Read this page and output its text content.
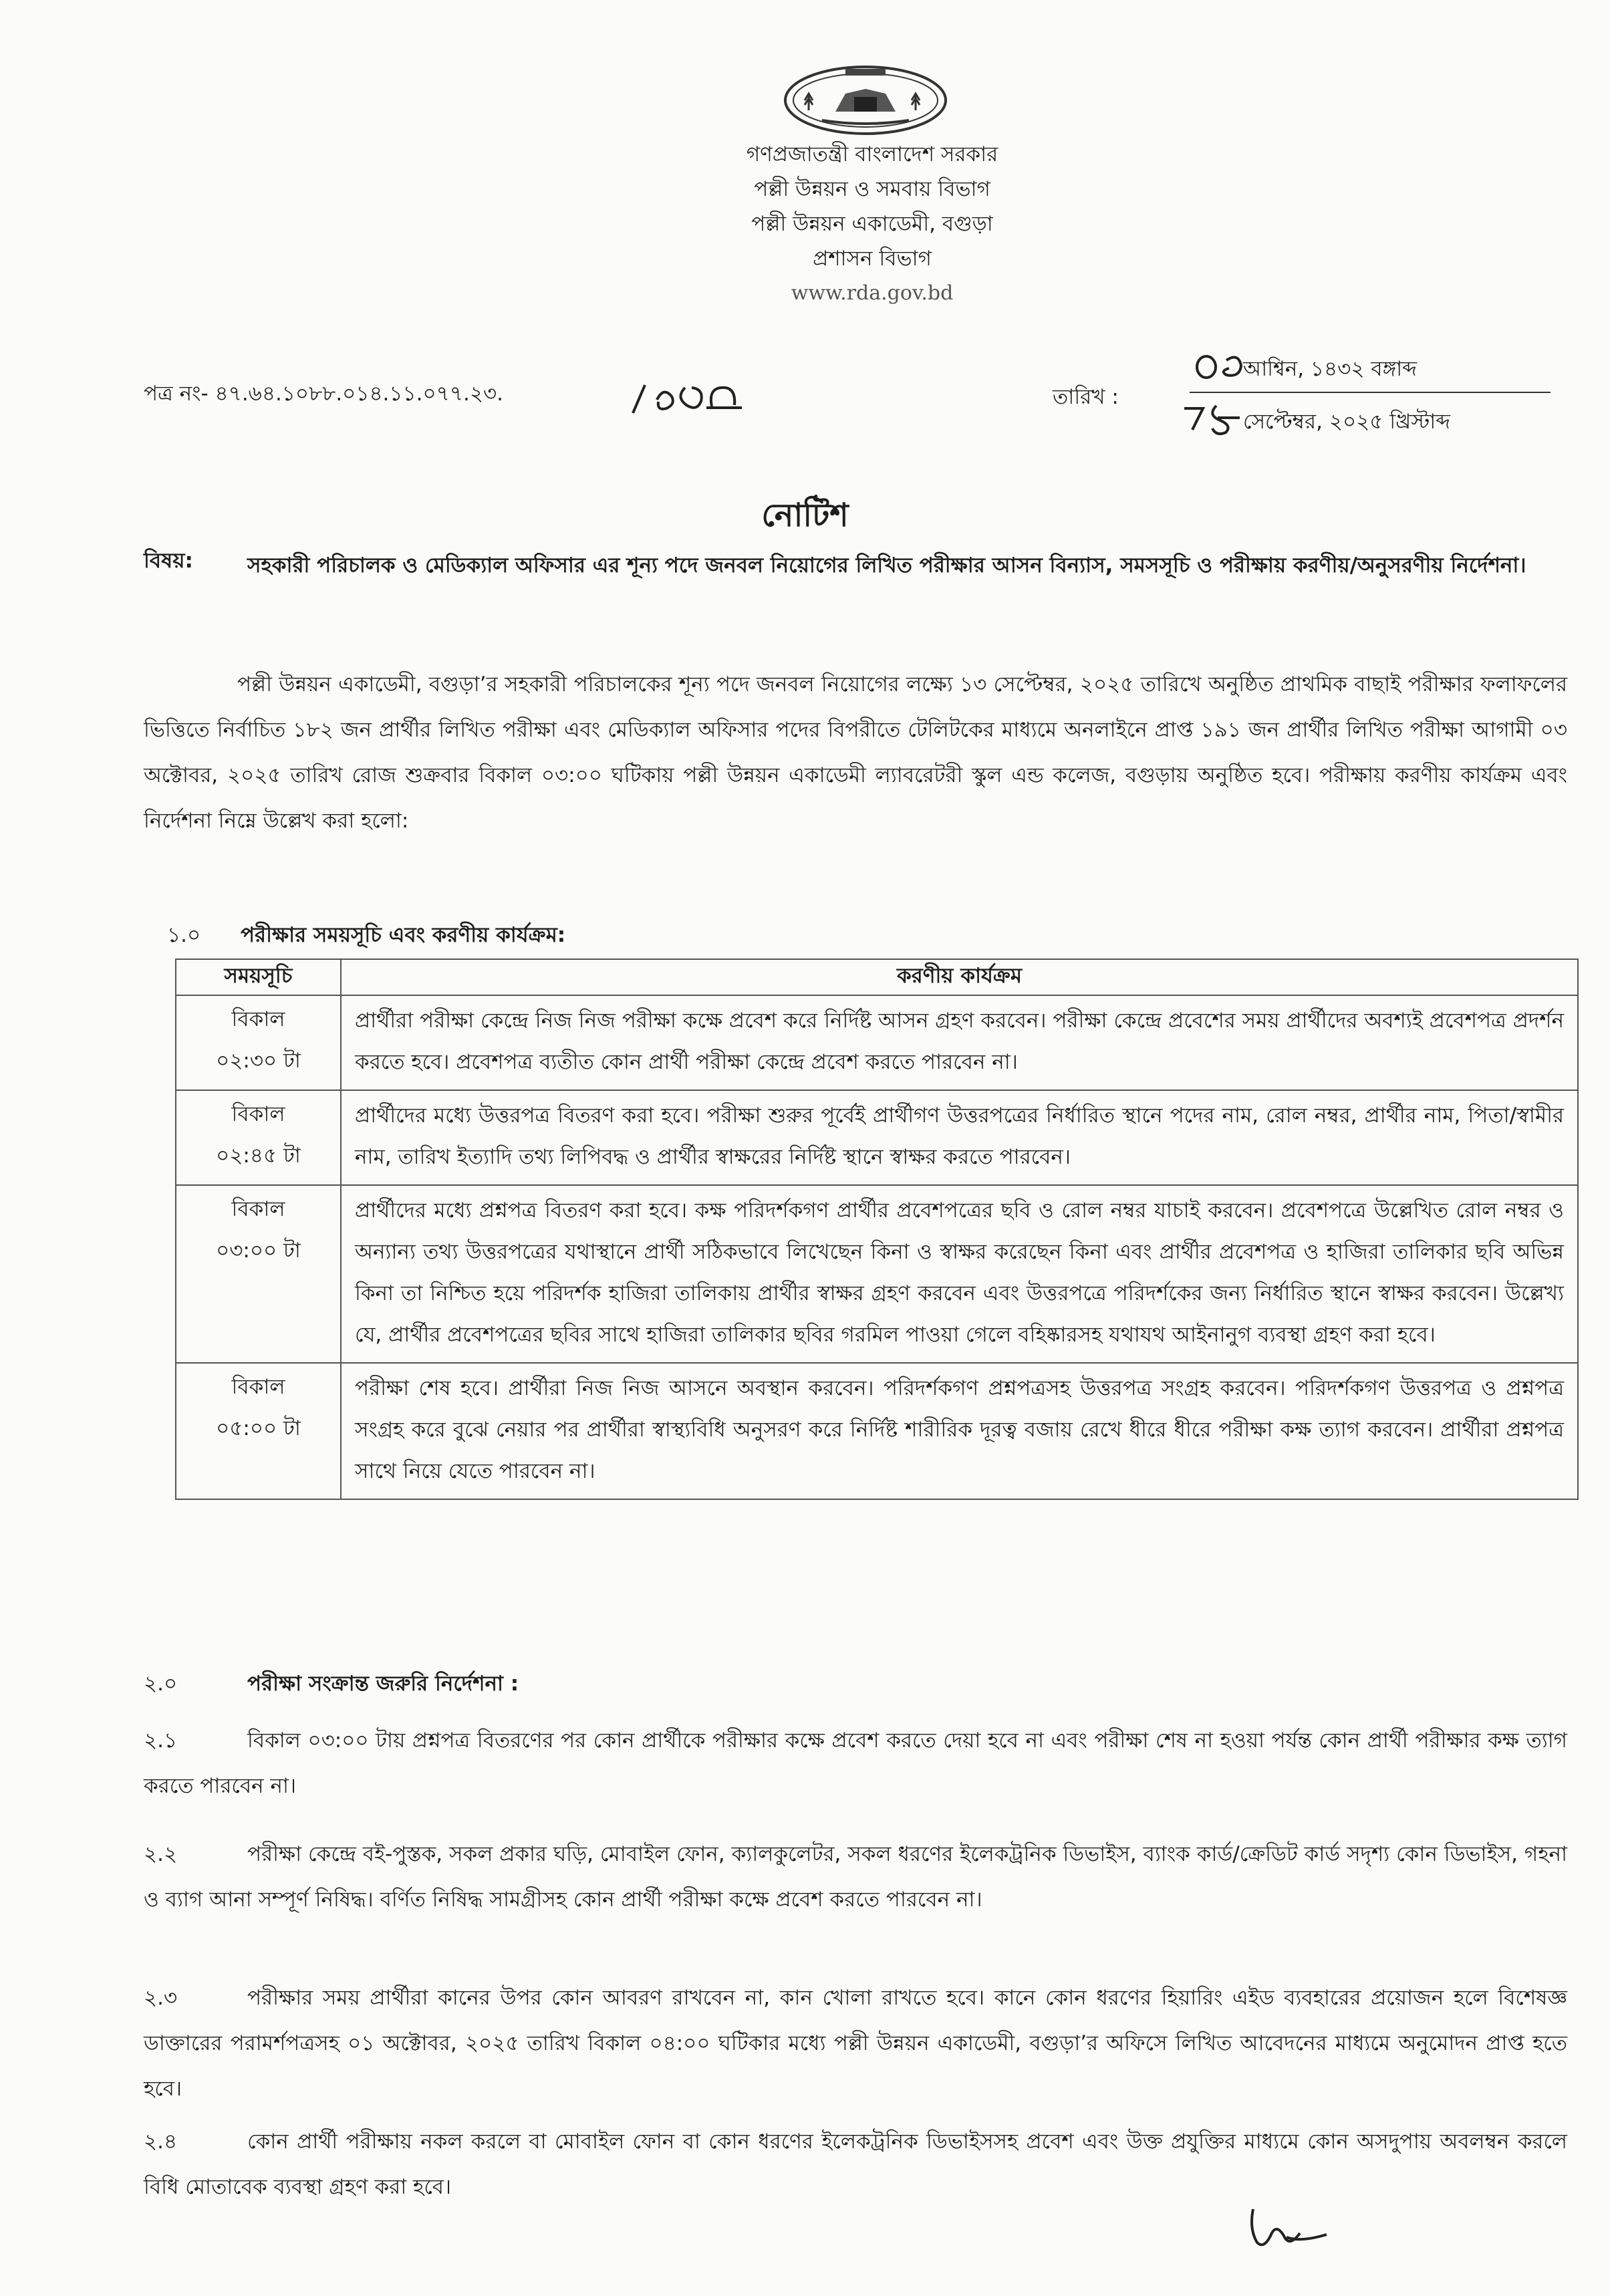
গণপ্রজাতন্ত্রী বাংলাদেশ সরকার
পল্লী উন্নয়ন ও সমবায় বিভাগ
পল্লী উন্নয়ন একাডেমী, বগুড়া
প্রশাসন বিভাগ
www.rda.gov.bd
পত্র নং- ৪৭.৬৪.১০৮৮.০১৪.১১.০৭৭.২৩.	তারিখ :
আশ্বিন, ১৪৩২ বঙ্গাব্দ
সেপ্টেম্বর, ২০২৫ খ্রিস্টাব্দ
নোটিশ
বিষয়:	সহকারী পরিচালক ও মেডিক্যাল অফিসার এর শূন্য পদে জনবল নিয়োগের লিখিত পরীক্ষার আসন বিন্যাস, সমসসূচি ও পরীক্ষায় করণীয়/অনুসরণীয় নির্দেশনা।
পল্লী উন্নয়ন একাডেমী, বগুড়া’র সহকারী পরিচালকের শূন্য পদে জনবল নিয়োগের লক্ষ্যে ১৩ সেপ্টেম্বর, ২০২৫ তারিখে অনুষ্ঠিত প্রাথমিক বাছাই পরীক্ষার ফলাফলের ভিত্তিতে নির্বাচিত ১৮২ জন প্রার্থীর লিখিত পরীক্ষা এবং মেডিক্যাল অফিসার পদের বিপরীতে টেলিটকের মাধ্যমে অনলাইনে প্রাপ্ত ১৯১ জন প্রার্থীর লিখিত পরীক্ষা আগামী ০৩ অক্টোবর, ২০২৫ তারিখ রোজ শুক্রবার বিকাল ০৩:০০ ঘটিকায় পল্লী উন্নয়ন একাডেমী ল্যাবরেটরী স্কুল এন্ড কলেজ, বগুড়ায় অনুষ্ঠিত হবে। পরীক্ষায় করণীয় কার্যক্রম এবং নির্দেশনা নিম্নে উল্লেখ করা হলো:
১.০ পরীক্ষার সময়সূচি এবং করণীয় কার্যক্রম:
সময়সূচি	করণীয় কার্যক্রম

বিকাল
০২:৩০ টা	প্রার্থীরা পরীক্ষা কেন্দ্রে নিজ নিজ পরীক্ষা কক্ষে প্রবেশ করে নির্দিষ্ট আসন গ্রহণ করবেন। পরীক্ষা কেন্দ্রে প্রবেশের সময় প্রার্থীদের অবশ্যই প্রবেশপত্র প্রদর্শন করতে হবে। প্রবেশপত্র ব্যতীত কোন প্রার্থী পরীক্ষা কেন্দ্রে প্রবেশ করতে পারবেন না।

বিকাল
০২:৪৫ টা	প্রার্থীদের মধ্যে উত্তরপত্র বিতরণ করা হবে। পরীক্ষা শুরুর পূর্বেই প্রার্থীগণ উত্তরপত্রের নির্ধারিত স্থানে পদের নাম, রোল নম্বর, প্রার্থীর নাম, পিতা/স্বামীর নাম, তারিখ ইত্যাদি তথ্য লিপিবদ্ধ ও প্রার্থীর স্বাক্ষরের নির্দিষ্ট স্থানে স্বাক্ষর করতে পারবেন।

বিকাল
০৩:০০ টা	প্রার্থীদের মধ্যে প্রশ্নপত্র বিতরণ করা হবে। কক্ষ পরিদর্শকগণ প্রার্থীর প্রবেশপত্রের ছবি ও রোল নম্বর যাচাই করবেন। প্রবেশপত্রে উল্লেখিত রোল নম্বর ও অন্যান্য তথ্য উত্তরপত্রের যথাস্থানে প্রার্থী সঠিকভাবে লিখেছেন কিনা ও স্বাক্ষর করেছেন কিনা এবং প্রার্থীর প্রবেশপত্র ও হাজিরা তালিকার ছবি অভিন্ন কিনা তা নিশ্চিত হয়ে পরিদর্শক হাজিরা তালিকায় প্রার্থীর স্বাক্ষর গ্রহণ করবেন এবং উত্তরপত্রে পরিদর্শকের জন্য নির্ধারিত স্থানে স্বাক্ষর করবেন। উল্লেখ্য যে, প্রার্থীর প্রবেশপত্রের ছবির সাথে হাজিরা তালিকার ছবির গরমিল পাওয়া গেলে বহিষ্কারসহ যথাযথ আইনানুগ ব্যবস্থা গ্রহণ করা হবে।

বিকাল
০৫:০০ টা	পরীক্ষা শেষ হবে। প্রার্থীরা নিজ নিজ আসনে অবস্থান করবেন। পরিদর্শকগণ প্রশ্নপত্রসহ উত্তরপত্র সংগ্রহ করবেন। পরিদর্শকগণ উত্তরপত্র ও প্রশ্নপত্র সংগ্রহ করে বুঝে নেয়ার পর প্রার্থীরা স্বাস্থ্যবিধি অনুসরণ করে নির্দিষ্ট শারীরিক দূরত্ব বজায় রেখে ধীরে ধীরে পরীক্ষা কক্ষ ত্যাগ করবেন। প্রার্থীরা প্রশ্নপত্র সাথে নিয়ে যেতে পারবেন না।
২.০	পরীক্ষা সংক্রান্ত জরুরি নির্দেশনা :
২.১	বিকাল ০৩:০০ টায় প্রশ্নপত্র বিতরণের পর কোন প্রার্থীকে পরীক্ষার কক্ষে প্রবেশ করতে দেয়া হবে না এবং পরীক্ষা শেষ না হওয়া পর্যন্ত কোন প্রার্থী পরীক্ষার কক্ষ ত্যাগ করতে পারবেন না।
২.২	পরীক্ষা কেন্দ্রে বই-পুস্তক, সকল প্রকার ঘড়ি, মোবাইল ফোন, ক্যালকুলেটর, সকল ধরণের ইলেকট্রনিক ডিভাইস, ব্যাংক কার্ড/ক্রেডিট কার্ড সদৃশ্য কোন ডিভাইস, গহনা ও ব্যাগ আনা সম্পূর্ণ নিষিদ্ধ। বর্ণিত নিষিদ্ধ সামগ্রীসহ কোন প্রার্থী পরীক্ষা কক্ষে প্রবেশ করতে পারবেন না।
২.৩	পরীক্ষার সময় প্রার্থীরা কানের উপর কোন আবরণ রাখবেন না, কান খোলা রাখতে হবে। কানে কোন ধরণের হিয়ারিং এইড ব্যবহারের প্রয়োজন হলে বিশেষজ্ঞ ডাক্তারের পরামর্শপত্রসহ ০১ অক্টোবর, ২০২৫ তারিখ বিকাল ০৪:০০ ঘটিকার মধ্যে পল্লী উন্নয়ন একাডেমী, বগুড়া’র অফিসে লিখিত আবেদনের মাধ্যমে অনুমোদন প্রাপ্ত হতে হবে।
২.৪	কোন প্রার্থী পরীক্ষায় নকল করলে বা মোবাইল ফোন বা কোন ধরণের ইলেকট্রনিক ডিভাইসসহ প্রবেশ এবং উক্ত প্রযুক্তির মাধ্যমে কোন অসদুপায় অবলম্বন করলে বিধি মোতাবেক ব্যবস্থা গ্রহণ করা হবে।
